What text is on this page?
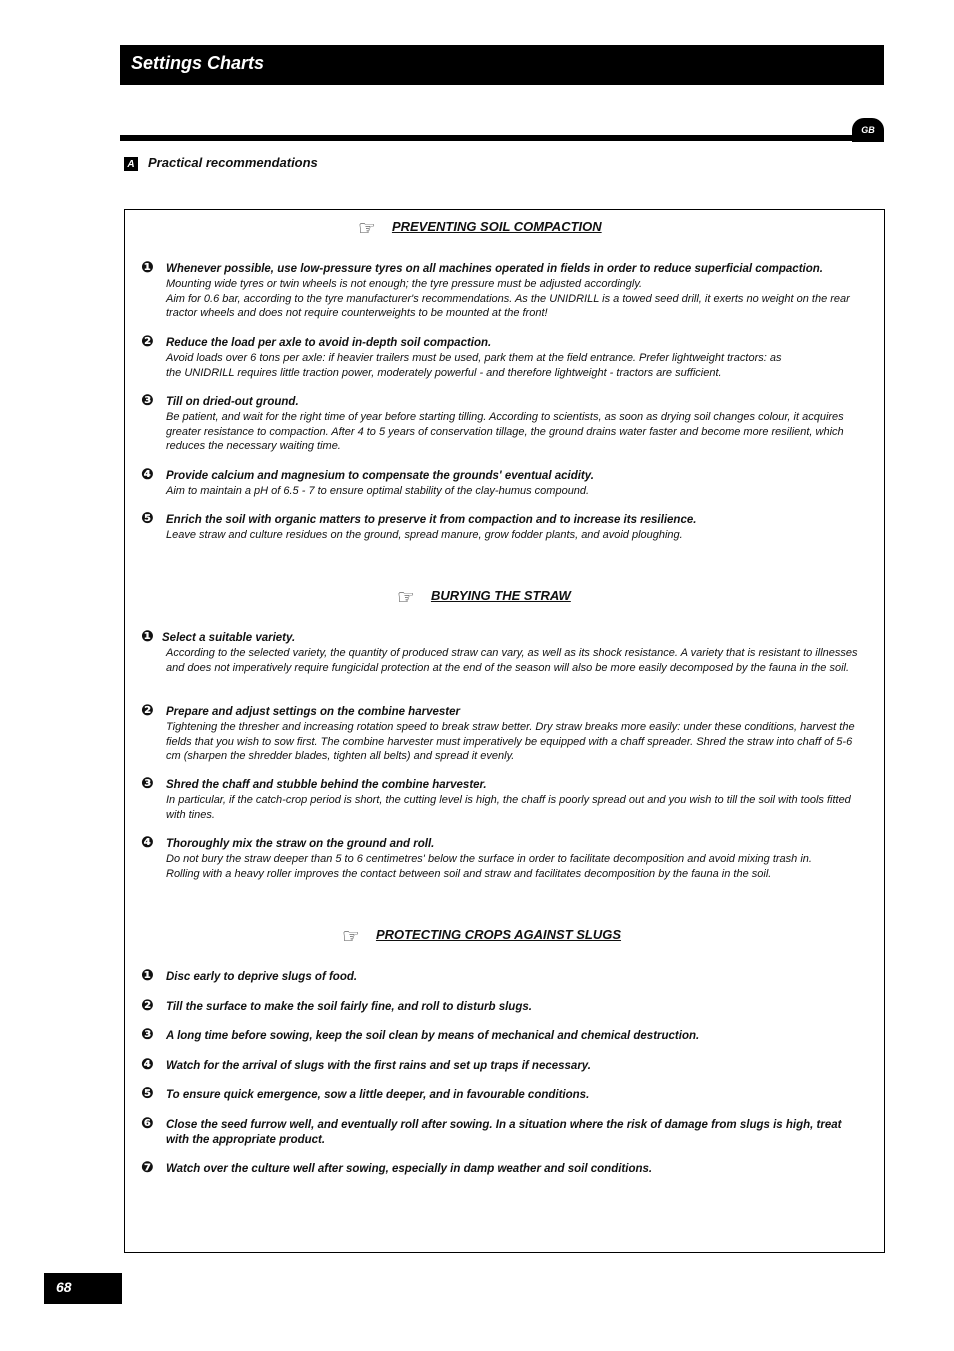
Settings Charts
GB
A Practical recommendations
☞ PREVENTING SOIL COMPACTION
❶ Whenever possible, use low-pressure tyres on all machines operated in fields in order to reduce superficial compaction.
Mounting wide tyres or twin wheels is not enough; the tyre pressure must be adjusted accordingly.
Aim for 0.6 bar, according to the tyre manufacturer's recommendations. As the UNIDRILL is a towed seed drill, it exerts no weight on the rear tractor wheels and does not require counterweights to be mounted at the front!
❷ Reduce the load per axle to avoid in-depth soil compaction.
Avoid loads over 6 tons per axle: if heavier trailers must be used, park them at the field entrance. Prefer lightweight tractors: as
the UNIDRILL requires little traction power, moderately powerful - and therefore lightweight - tractors are sufficient.
❸ Till on dried-out ground.
Be patient, and wait for the right time of year before starting tilling. According to scientists, as soon as drying soil changes colour, it acquires greater resistance to compaction. After 4 to 5 years of conservation tillage, the ground drains water faster and become more resilient, which reduces the necessary waiting time.
❹ Provide calcium and magnesium to compensate the grounds' eventual acidity.
Aim to maintain a pH of 6.5 - 7 to ensure optimal stability of the clay-humus compound.
❺ Enrich the soil with organic matters to preserve it from compaction and to increase its resilience.
Leave straw and culture residues on the ground, spread manure, grow fodder plants, and avoid ploughing.
☞ BURYING THE STRAW
❶ Select a suitable variety.
According to the selected variety, the quantity of produced straw can vary, as well as its shock resistance. A variety that is resistant to illnesses and does not imperatively require fungicidal protection at the end of the season will also be more easily decomposed by the fauna in the soil.
❷ Prepare and adjust settings on the combine harvester
Tightening the thresher and increasing rotation speed to break straw better. Dry straw breaks more easily: under these conditions, harvest the fields that you wish to sow first. The combine harvester must imperatively be equipped with a chaff spreader. Shred the straw into chaff of 5-6 cm (sharpen the shredder blades, tighten all belts) and spread it evenly.
❸ Shred the chaff and stubble behind the combine harvester.
In particular, if the catch-crop period is short, the cutting level is high, the chaff is poorly spread out and you wish to till the soil with tools fitted with tines.
❹ Thoroughly mix the straw on the ground and roll.
Do not bury the straw deeper than 5 to 6 centimetres' below the surface in order to facilitate decomposition and avoid mixing trash in.
Rolling with a heavy roller improves the contact between soil and straw and facilitates decomposition by the fauna in the soil.
☞ PROTECTING CROPS AGAINST SLUGS
❶ Disc early to deprive slugs of food.
❷ Till the surface to make the soil fairly fine, and roll to disturb slugs.
❸ A long time before sowing, keep the soil clean by means of mechanical and chemical destruction.
❹ Watch for the arrival of slugs with the first rains and set up traps if necessary.
❺ To ensure quick emergence, sow a little deeper, and in favourable conditions.
❻ Close the seed furrow well, and eventually roll after sowing. In a situation where the risk of damage from slugs is high, treat with the appropriate product.
❼ Watch over the culture well after sowing, especially in damp weather and soil conditions.
68
